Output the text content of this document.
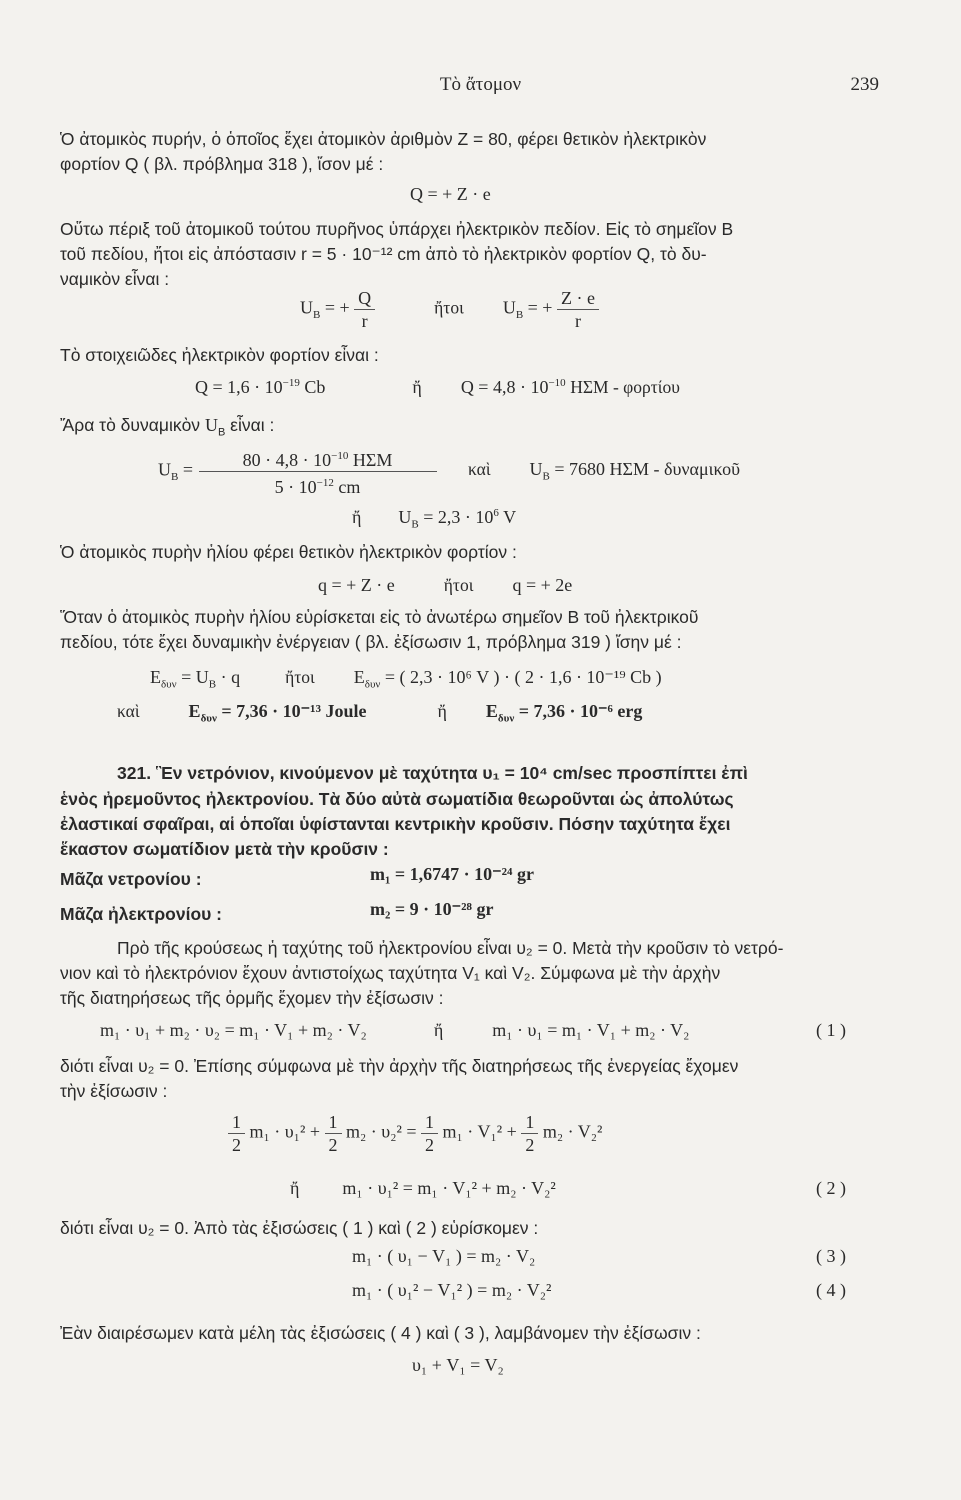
Τὸ ἄτομον	239
Ὁ ἀτομικὸς πυρήν, ὁ ὁποῖος ἔχει ἀτομικὸν ἀριθμὸν Z = 80, φέρει θετικὸν ἠλεκτρικὸν
φορτίον Q ( βλ. πρόβλημα 318 ), ἴσον μέ :
Q = + Z · e
Οὕτω πέριξ τοῦ ἀτομικοῦ τούτου πυρῆνος ὑπάρχει ἠλεκτρικὸν πεδίον. Εἰς τὸ σημεῖον Β
τοῦ πεδίου, ἤτοι εἰς ἀπόστασιν r = 5 · 10⁻¹² cm ἀπὸ τὸ ἠλεκτρικὸν φορτίον Q, τὸ δυ-
ναμικὸν εἶναι :
$U_B$ = + $\frac{Q}{r}$	ἤτοι $U_B$ = + $\frac{Z \cdot e}{r}$
Τὸ στοιχειῶδες ἠλεκτρικὸν φορτίον εἶναι :
$Q = 1,6 \cdot 10^{-19}$ Cb	ἤ $Q = 4,8 \cdot 10^{-10}$ ΗΣΜ - φορτίου
Ἄρα τὸ δυναμικὸν $U_B$ εἶναι :
$U_B = \frac{80 \cdot 4,8 \cdot 10^{-10} H\Sigma M}{5 \cdot 10^{-12} cm}$ καὶ $U_B = 7680$ ΗΣΜ - δυναμικοῦ
ἤ $U_B = 2,3 \cdot 10^6$ V
Ὁ ἀτομικὸς πυρὴν ἡλίου φέρει θετικὸν ἠλεκτρικὸν φορτίον :
q = + Z · e	ἤτοι q = + 2e
Ὅταν ὁ ἀτομικὸς πυρὴν ἡλίου εὑρίσκεται εἰς τὸ ἀνωτέρω σημεῖον Β τοῦ ἠλεκτρικοῦ
πεδίου, τότε ἔχει δυναμικὴν ἐνέργειαν ( βλ. ἐξίσωσιν 1, πρόβλημα 319 ) ἴσην μέ :
$E_{\delta\upsilon\nu} = U_B \cdot q$	ἤτοι $E_{\delta\upsilon\nu}$ = ( 2,3 · 10⁶ V ) · ( 2 · 1,6 · 10⁻¹⁹ Cb )
καὶ	$E_{\delta\upsilon\nu} = 7,36 \cdot 10^{-13}$ Joule	ἤ $E_{\delta\upsilon\nu} = 7,36 \cdot 10^{-6}$ erg
321. Ἓν νετρόνιον, κινούμενον μὲ ταχύτητα υ₁ = 10⁴ cm/sec προσπίπτει ἐπὶ
ἑνὸς ἠρεμοῦντος ἠλεκτρονίου. Τὰ δύο αὐτὰ σωματίδια θεωροῦνται ὡς ἀπολύτως
ἐλαστικαί σφαῖραι, αἱ ὁποῖαι ὑφίστανται κεντρικὴν κροῦσιν. Πόσην ταχύτητα ἔχει
ἕκαστον σωματίδιον μετὰ τὴν κροῦσιν :
Μᾶζα νετρονίου :	m₁ = 1,6747 · 10⁻²⁴ gr
Μᾶζα ἠλεκτρονίου :	m₂ = 9 · 10⁻²⁸ gr
Πρὸ τῆς κρούσεως ἡ ταχύτης τοῦ ἠλεκτρονίου εἶναι υ₂ = 0. Μετὰ τὴν κροῦσιν τὸ νετρό-
νιον καὶ τὸ ἠλεκτρόνιον ἔχουν ἀντιστοίχως ταχύτητα V₁ καὶ V₂. Σύμφωνα μὲ τὴν ἀρχὴν
τῆς διατηρήσεως τῆς ὁρμῆς ἔχομεν τὴν ἐξίσωσιν :
m₁ · υ₁ + m₂ · υ₂ = m₁ · V₁ + m₂ · V₂	ἤ	m₁ · υ₁ = m₁ · V₁ + m₂ · V₂	( 1 )
διότι εἶναι υ₂ = 0. Ἐπίσης σύμφωνα μὲ τὴν ἀρχὴν τῆς διατηρήσεως τῆς ἐνεργείας ἔχομεν
τὴν ἐξίσωσιν :
$\frac{1}{2} m_1 \cdot \upsilon_1^2 + \frac{1}{2} m_2 \cdot \upsilon_2^2 = \frac{1}{2} m_1 \cdot V_1^2 + \frac{1}{2} m_2 \cdot V_2^2$
ἤ m₁ · υ₁² = m₁ · V₁² + m₂ · V₂²	( 2 )
διότι εἶναι υ₂ = 0. Ἀπὸ τὰς ἐξισώσεις ( 1 ) καὶ ( 2 ) εὑρίσκομεν :
m₁ · ( υ₁ − V₁ ) = m₂ · V₂	( 3 )
m₁ · ( υ₁² − V₁² ) = m₂ · V₂²	( 4 )
Ἐὰν διαιρέσωμεν κατὰ μέλη τὰς ἐξισώσεις ( 4 ) καὶ ( 3 ), λαμβάνομεν τὴν ἐξίσωσιν :
υ₁ + V₁ = V₂
